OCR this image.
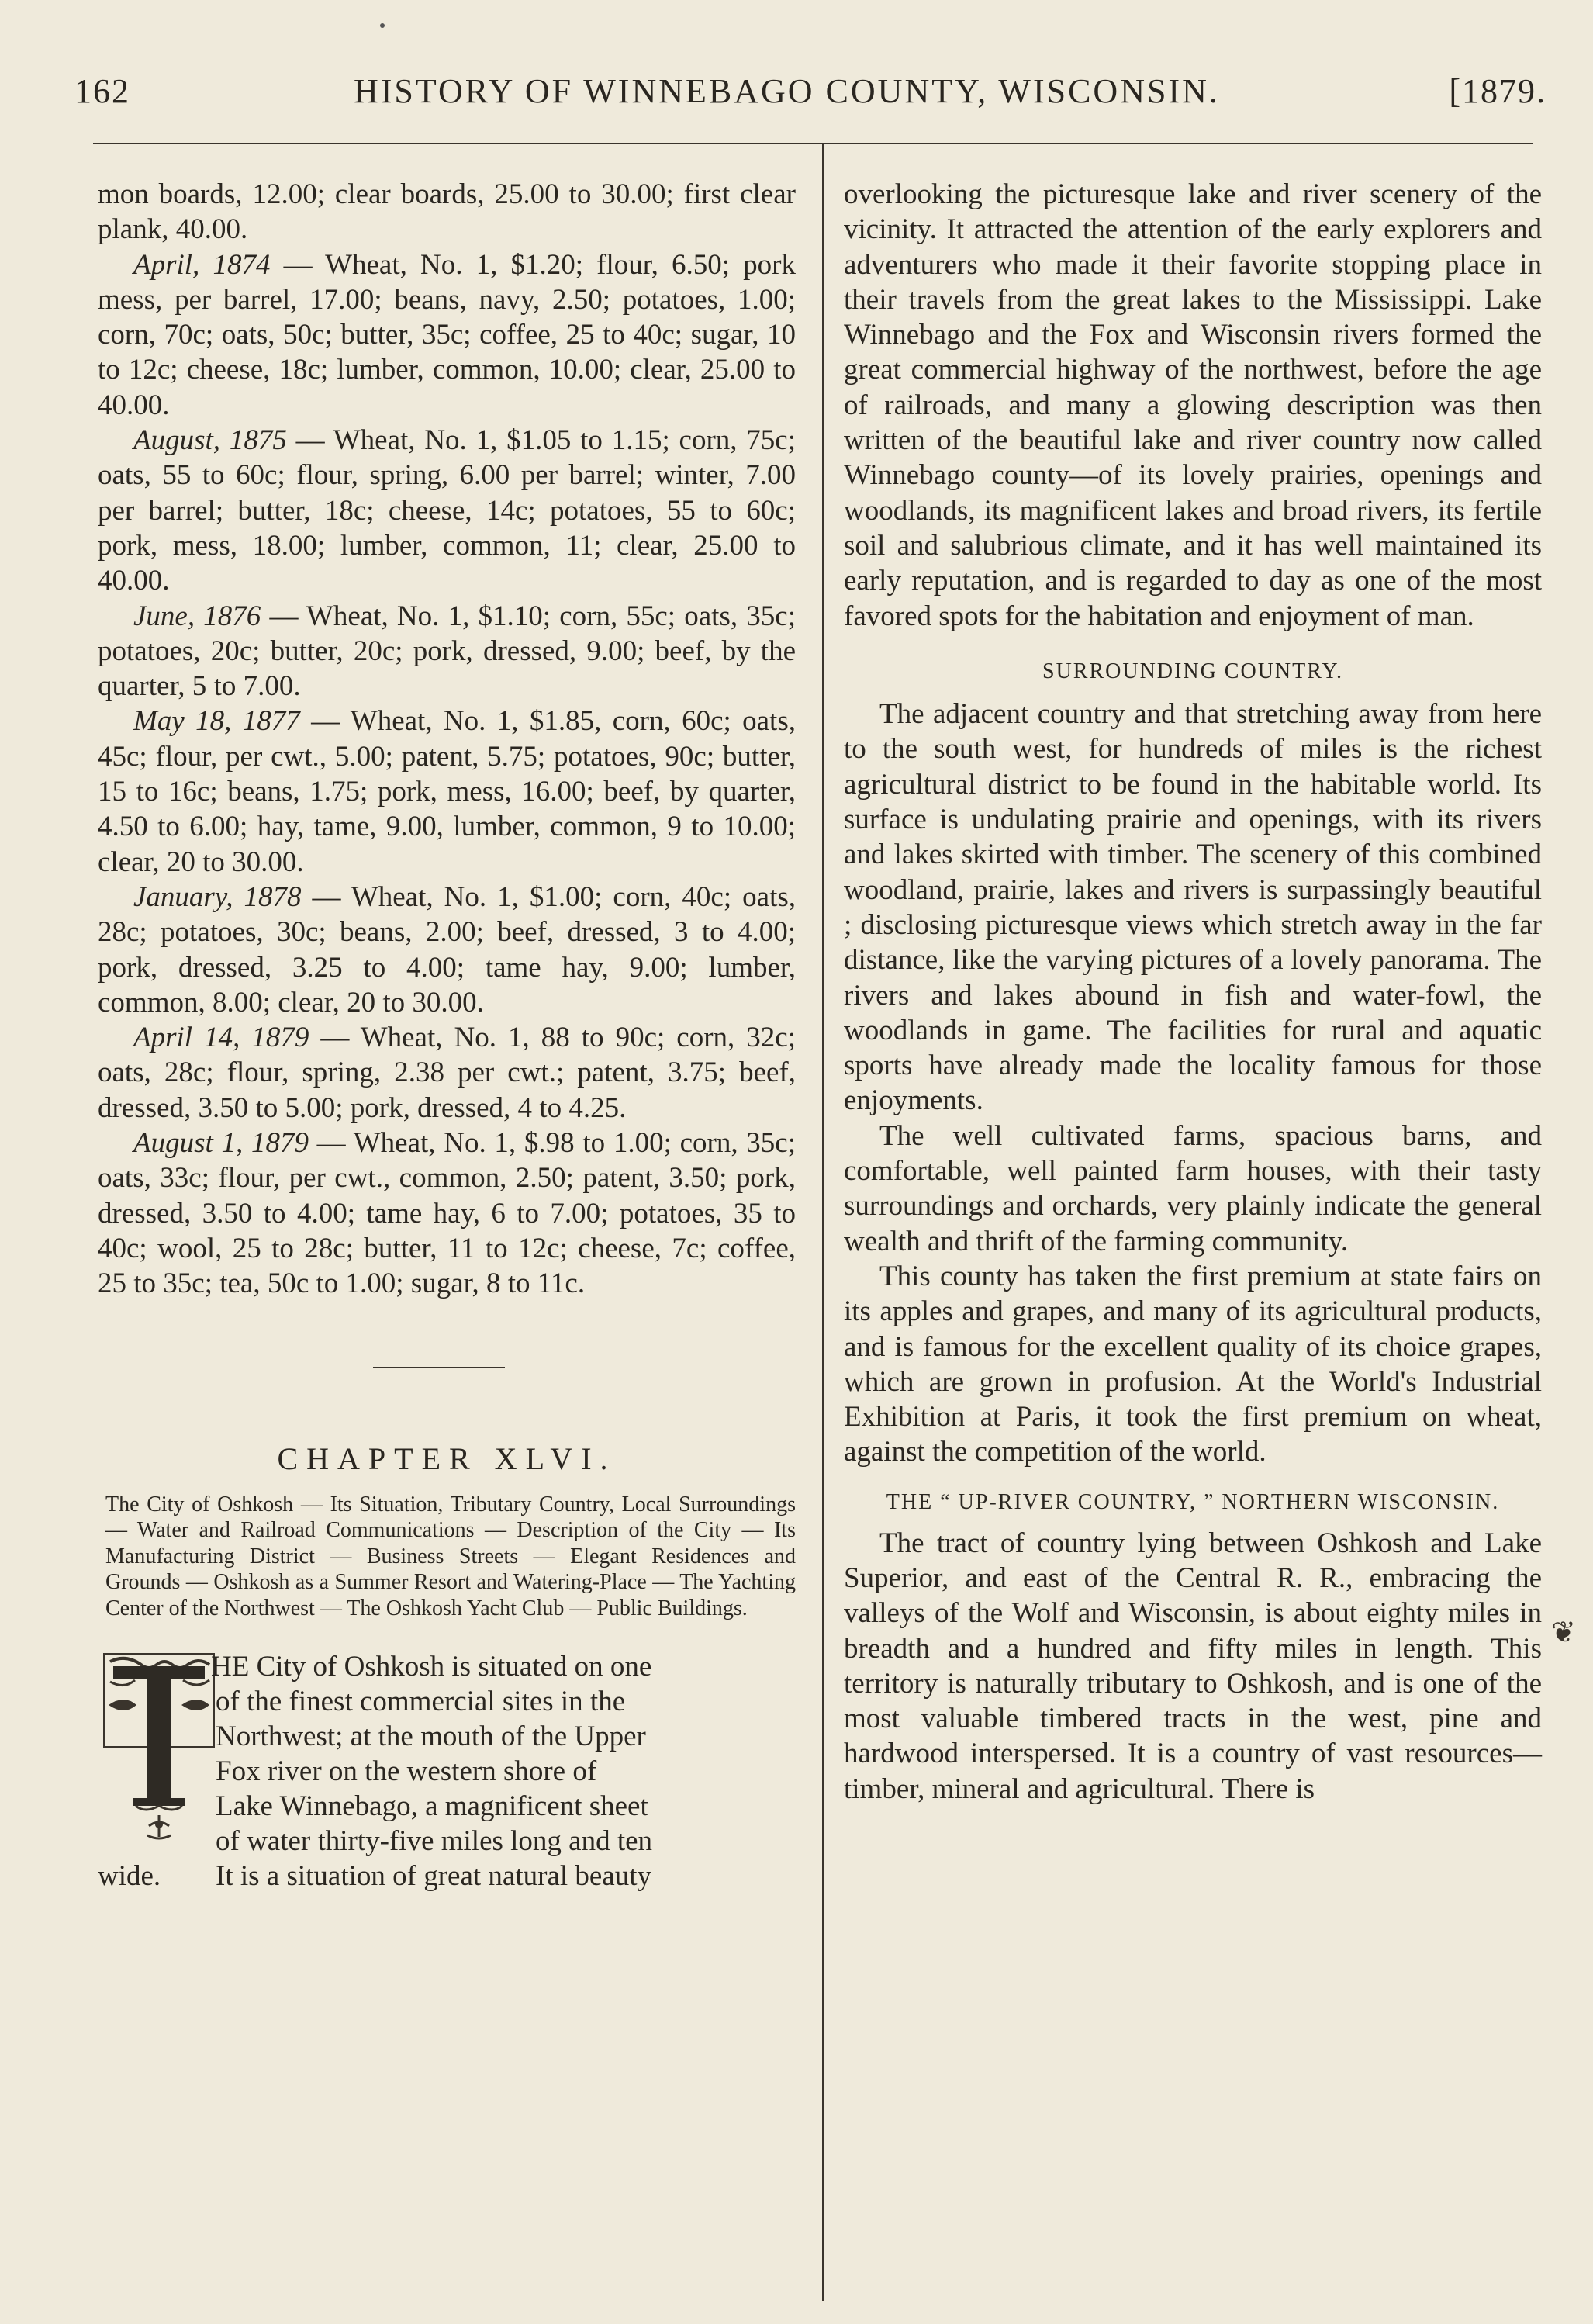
162	HISTORY OF WINNEBAGO COUNTY, WISCONSIN.	[1879.

mon boards, 12.00; clear boards, 25.00 to 30.00; first clear plank, 40.00.

April, 1874 — Wheat, No. 1, $1.20; flour, 6.50; pork mess, per barrel, 17.00; beans, navy, 2.50; potatoes, 1.00; corn, 70c; oats, 50c; butter, 35c; coffee, 25 to 40c; sugar, 10 to 12c; cheese, 18c; lumber, common, 10.00; clear, 25.00 to 40.00.

August, 1875 — Wheat, No. 1, $1.05 to 1.15; corn, 75c; oats, 55 to 60c; flour, spring, 6.00 per barrel; winter, 7.00 per barrel; butter, 18c; cheese, 14c; potatoes, 55 to 60c; pork, mess, 18.00; lumber, common, 11; clear, 25.00 to 40.00.

June, 1876 — Wheat, No. 1, $1.10; corn, 55c; oats, 35c; potatoes, 20c; butter, 20c; pork, dressed, 9.00; beef, by the quarter, 5 to 7.00.

May 18, 1877 — Wheat, No. 1, $1.85, corn, 60c; oats, 45c; flour, per cwt., 5.00; patent, 5.75; potatoes, 90c; butter, 15 to 16c; beans, 1.75; pork, mess, 16.00; beef, by quarter, 4.50 to 6.00; hay, tame, 9.00, lumber, common, 9 to 10.00; clear, 20 to 30.00.

January, 1878 — Wheat, No. 1, $1.00; corn, 40c; oats, 28c; potatoes, 30c; beans, 2.00; beef, dressed, 3 to 4.00; pork, dressed, 3.25 to 4.00; tame hay, 9.00; lumber, common, 8.00; clear, 20 to 30.00.

April 14, 1879 — Wheat, No. 1, 88 to 90c; corn, 32c; oats, 28c; flour, spring, 2.38 per cwt.; patent, 3.75; beef, dressed, 3.50 to 5.00; pork, dressed, 4 to 4.25.

August 1, 1879 — Wheat, No. 1, $.98 to 1.00; corn, 35c; oats, 33c; flour, per cwt., common, 2.50; patent, 3.50; pork, dressed, 3.50 to 4.00; tame hay, 6 to 7.00; potatoes, 35 to 40c; wool, 25 to 28c; butter, 11 to 12c; cheese, 7c; coffee, 25 to 35c; tea, 50c to 1.00; sugar, 8 to 11c.

CHAPTER XLVI.
The City of Oshkosh — Its Situation, Tributary Country, Local Surroundings — Water and Railroad Communications — Description of the City — Its Manufacturing District — Business Streets — Elegant Residences and Grounds — Oshkosh as a Summer Resort and Watering-Place — The Yachting Center of the Northwest — The Oshkosh Yacht Club — Public Buildings.
HE City of Oshkosh is situated on one
of the finest commercial sites in the
Northwest; at the mouth of the Upper
Fox river on the western shore of
Lake Winnebago, a magnificent sheet
of water thirty-five miles long and ten
wide. It is a situation of great natural beauty

overlooking the picturesque lake and river scenery of the vicinity. It attracted the attention of the early explorers and adventurers who made it their favorite stopping place in their travels from the great lakes to the Mississippi. Lake Winnebago and the Fox and Wisconsin rivers formed the great commercial highway of the northwest, before the age of railroads, and many a glowing description was then written of the beautiful lake and river country now called Winnebago county—of its lovely prairies, openings and woodlands, its magnificent lakes and broad rivers, its fertile soil and salubrious climate, and it has well maintained its early reputation, and is regarded to day as one of the most favored spots for the habitation and enjoyment of man.

SURROUNDING COUNTRY.

The adjacent country and that stretching away from here to the south west, for hundreds of miles is the richest agricultural district to be found in the habitable world. Its surface is undulating prairie and openings, with its rivers and lakes skirted with timber. The scenery of this combined woodland, prairie, lakes and rivers is surpassingly beautiful ; disclosing picturesque views which stretch away in the far distance, like the varying pictures of a lovely panorama. The rivers and lakes abound in fish and water-fowl, the woodlands in game. The facilities for rural and aquatic sports have already made the locality famous for those enjoyments.

The well cultivated farms, spacious barns, and comfortable, well painted farm houses, with their tasty surroundings and orchards, very plainly indicate the general wealth and thrift of the farming community.

This county has taken the first premium at state fairs on its apples and grapes, and many of its agricultural products, and is famous for the excellent quality of its choice grapes, which are grown in profusion. At the World's Industrial Exhibition at Paris, it took the first premium on wheat, against the competition of the world.

THE “ UP-RIVER COUNTRY, ” NORTHERN WISCONSIN.

The tract of country lying between Oshkosh and Lake Superior, and east of the Central R. R., embracing the valleys of the Wolf and Wisconsin, is about eighty miles in breadth and a hundred and fifty miles in length. This territory is naturally tributary to Oshkosh, and is one of the most valuable timbered tracts in the west, pine and hardwood interspersed. It is a country of vast resources—timber, mineral and agricultural. There is

❦
